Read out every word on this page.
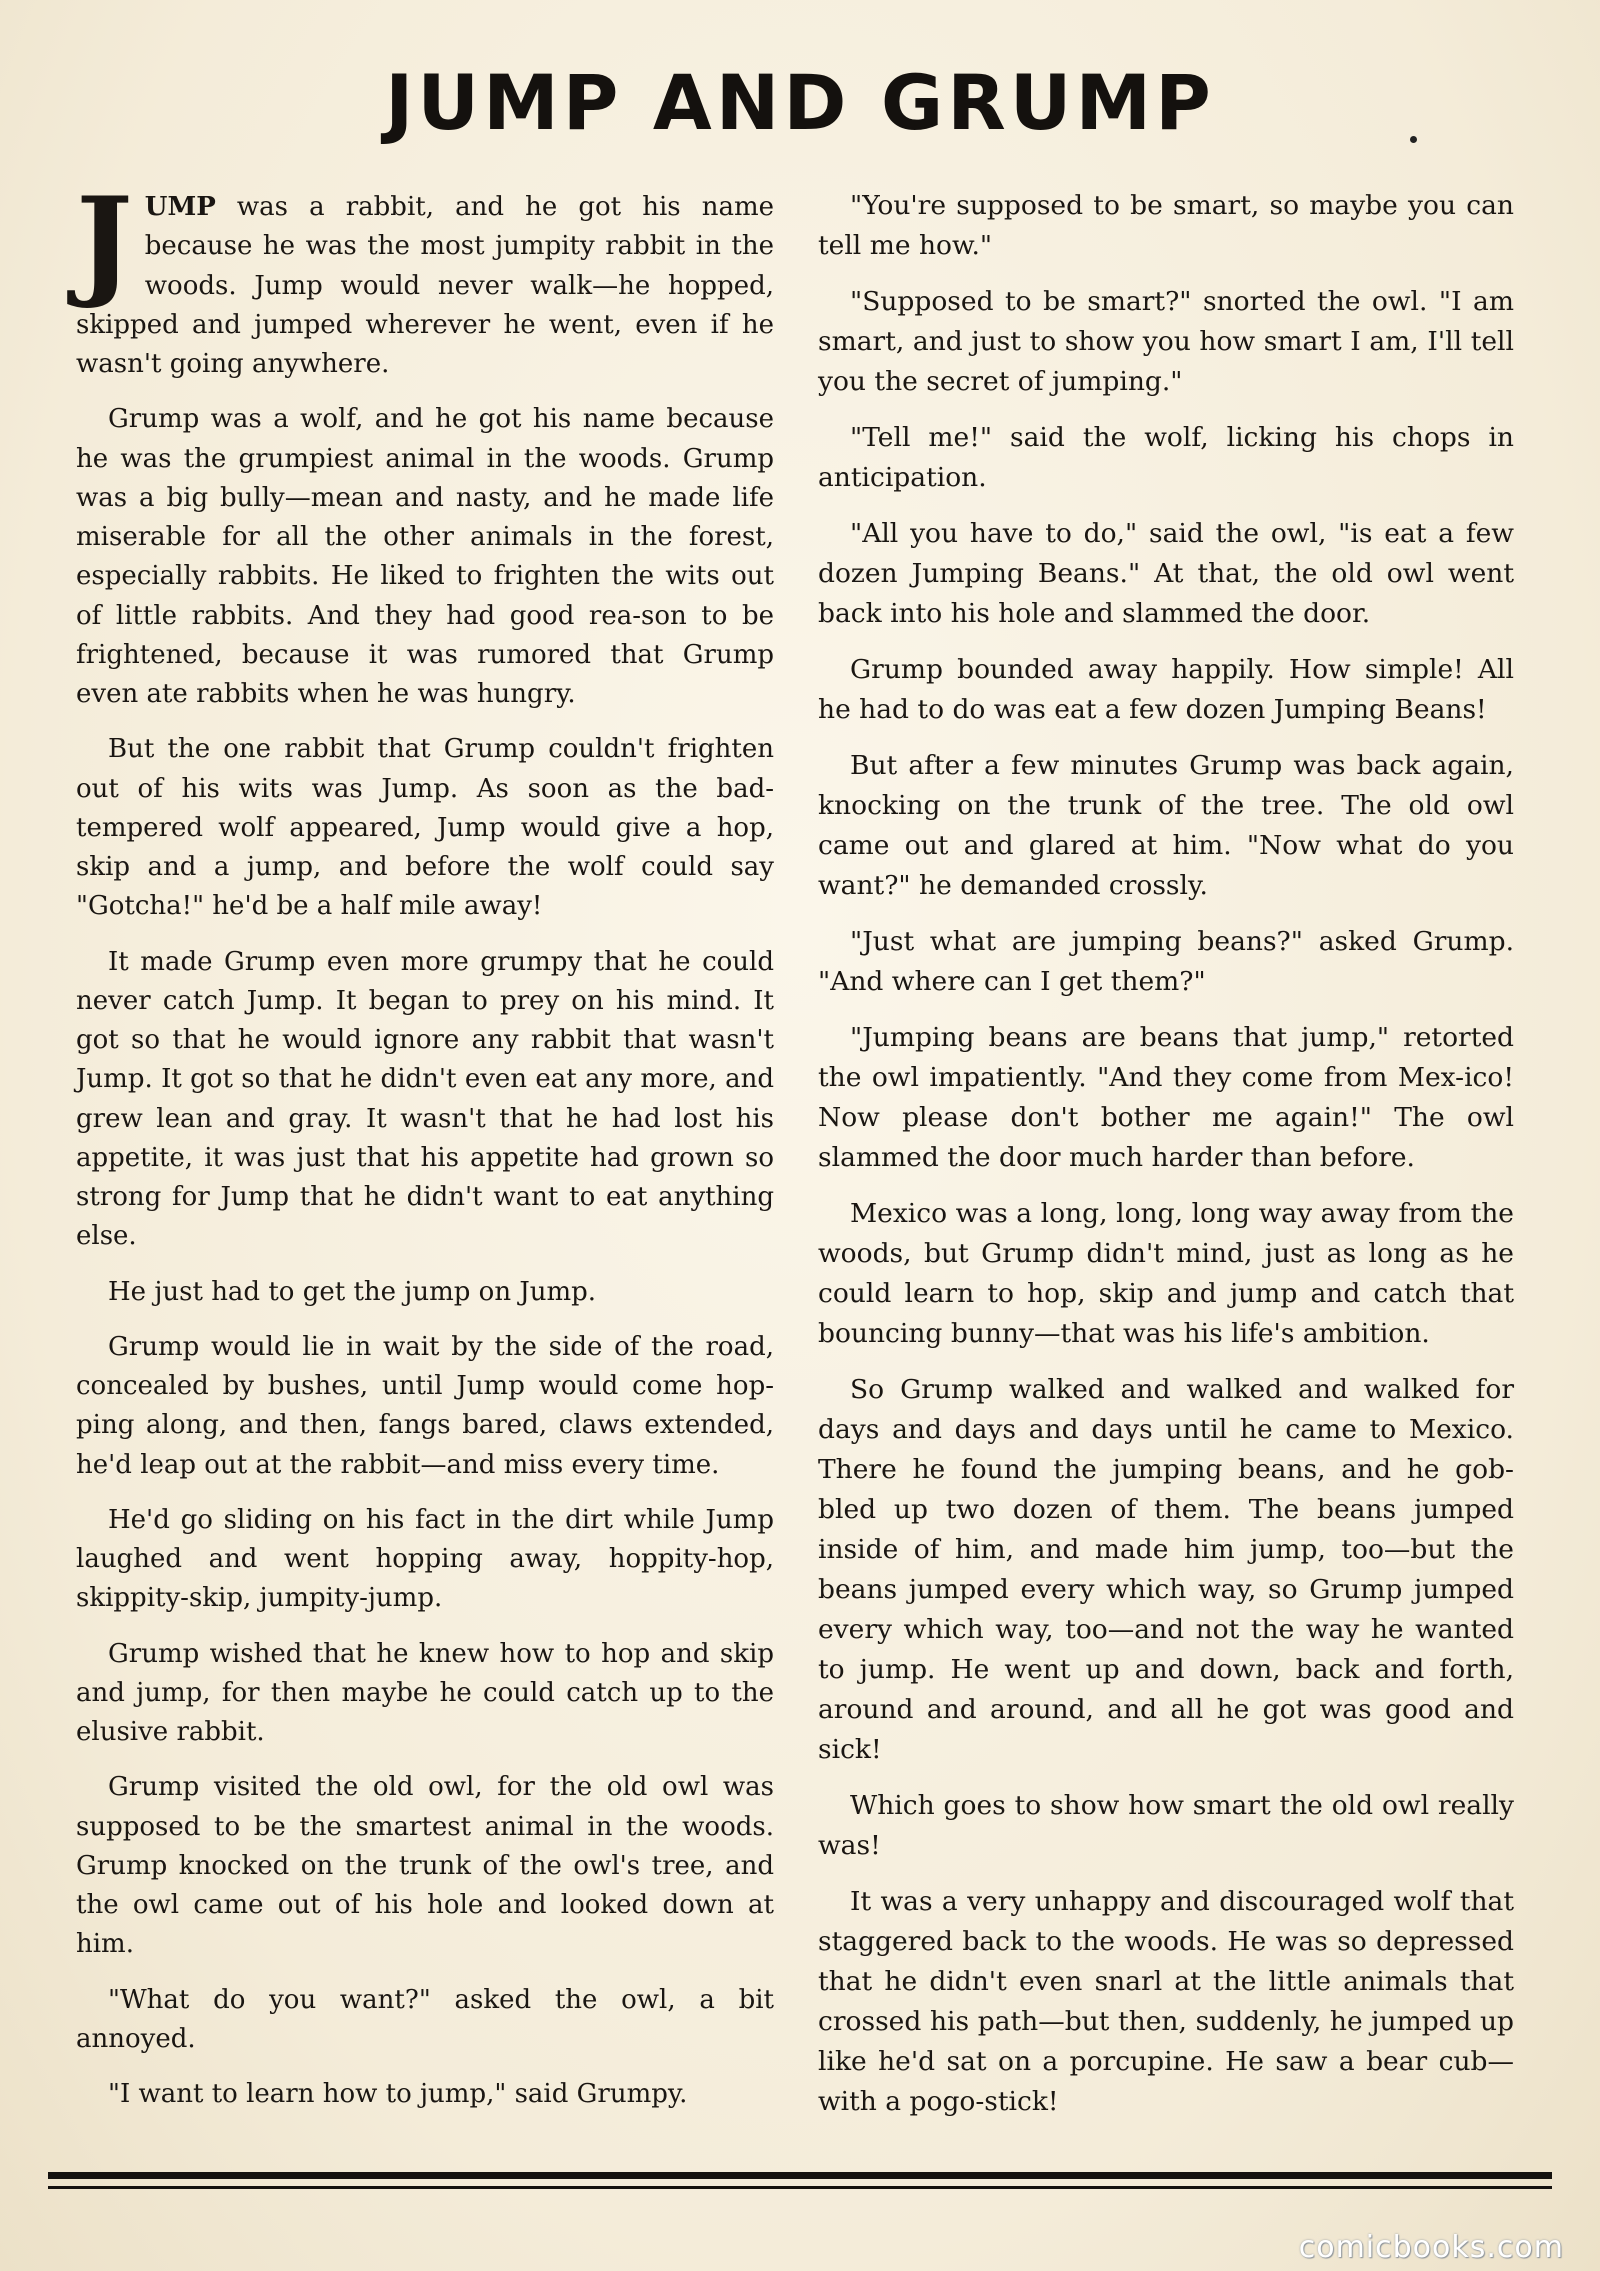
JUMP AND GRUMP

JUMP was a rabbit, and he got his name because he was the most jumpity rabbit in the woods. Jump would never walk—he hopped, skipped and jumped wherever he went, even if he wasn't going anywhere.

Grump was a wolf, and he got his name because he was the grumpiest animal in the woods. Grump was a big bully—mean and nasty, and he made life miserable for all the other animals in the forest, especially rabbits. He liked to frighten the wits out of little rabbits. And they had good rea-son to be frightened, because it was rumored that Grump even ate rabbits when he was hungry.

But the one rabbit that Grump couldn't frighten out of his wits was Jump. As soon as the bad-tempered wolf appeared, Jump would give a hop, skip and a jump, and before the wolf could say "Gotcha!" he'd be a half mile away!

It made Grump even more grumpy that he could never catch Jump. It began to prey on his mind. It got so that he would ignore any rabbit that wasn't Jump. It got so that he didn't even eat any more, and grew lean and gray. It wasn't that he had lost his appetite, it was just that his appetite had grown so strong for Jump that he didn't want to eat anything else.

He just had to get the jump on Jump.

Grump would lie in wait by the side of the road, concealed by bushes, until Jump would come hop-ping along, and then, fangs bared, claws extended, he'd leap out at the rabbit—and miss every time.

He'd go sliding on his fact in the dirt while Jump laughed and went hopping away, hoppity-hop, skippity-skip, jumpity-jump.

Grump wished that he knew how to hop and skip and jump, for then maybe he could catch up to the elusive rabbit.

Grump visited the old owl, for the old owl was supposed to be the smartest animal in the woods. Grump knocked on the trunk of the owl's tree, and the owl came out of his hole and looked down at him.

"What do you want?" asked the owl, a bit annoyed.

"I want to learn how to jump," said Grumpy.

"You're supposed to be smart, so maybe you can tell me how."

"Supposed to be smart?" snorted the owl. "I am smart, and just to show you how smart I am, I'll tell you the secret of jumping."

"Tell me!" said the wolf, licking his chops in anticipation.

"All you have to do," said the owl, "is eat a few dozen Jumping Beans." At that, the old owl went back into his hole and slammed the door.

Grump bounded away happily. How simple! All he had to do was eat a few dozen Jumping Beans!

But after a few minutes Grump was back again, knocking on the trunk of the tree. The old owl came out and glared at him. "Now what do you want?" he demanded crossly.

"Just what are jumping beans?" asked Grump. "And where can I get them?"

"Jumping beans are beans that jump," retorted the owl impatiently. "And they come from Mex-ico! Now please don't bother me again!" The owl slammed the door much harder than before.

Mexico was a long, long, long way away from the woods, but Grump didn't mind, just as long as he could learn to hop, skip and jump and catch that bouncing bunny—that was his life's ambition.

So Grump walked and walked and walked for days and days and days until he came to Mexico. There he found the jumping beans, and he gob-bled up two dozen of them. The beans jumped inside of him, and made him jump, too—but the beans jumped every which way, so Grump jumped every which way, too—and not the way he wanted to jump. He went up and down, back and forth, around and around, and all he got was good and sick!

Which goes to show how smart the old owl really was!

It was a very unhappy and discouraged wolf that staggered back to the woods. He was so depressed that he didn't even snarl at the little animals that crossed his path—but then, suddenly, he jumped up like he'd sat on a porcupine. He saw a bear cub—with a pogo-stick!

comicbooks.com
